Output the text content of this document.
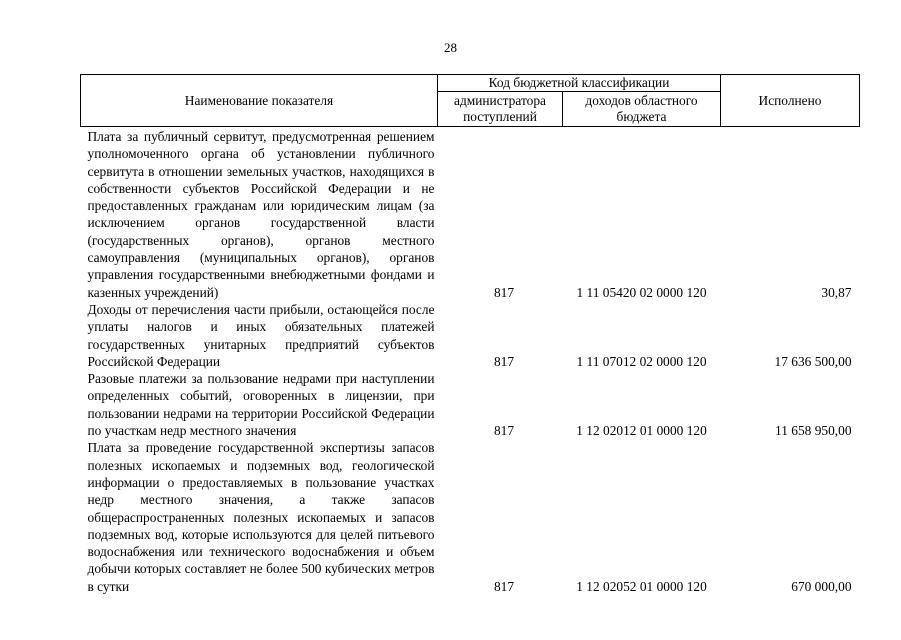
28
Наименование показателя	Код бюджетной классификации		Исполнено
	администратора поступлений	доходов областного бюджета	
Плата за публичный сервитут, предусмотренная решением уполномоченного органа об установлении публичного сервитута в отношении земельных участков, находящихся в собственности субъектов Российской Федерации и не предоставленных гражданам или юридическим лицам (за исключением органов государственной власти (государственных органов), органов местного самоуправления (муниципальных органов), органов управления государственными внебюджетными фондами и казенных учреждений)	817	1 11 05420 02 0000 120	30,87
Доходы от перечисления части прибыли, остающейся после уплаты налогов и иных обязательных платежей государственных унитарных предприятий субъектов Российской Федерации	817	1 11 07012 02 0000 120	17 636 500,00
Разовые платежи за пользование недрами при наступлении определенных событий, оговоренных в лицензии, при пользовании недрами на территории Российской Федерации по участкам недр местного значения	817	1 12 02012 01 0000 120	11 658 950,00
Плата за проведение государственной экспертизы запасов полезных ископаемых и подземных вод, геологической информации о предоставляемых в пользование участках недр местного значения, а также запасов общераспространенных полезных ископаемых и запасов подземных вод, которые используются для целей питьевого водоснабжения или технического водоснабжения и объем добычи которых составляет не более 500 кубических метров в сутки	817	1 12 02052 01 0000 120	670 000,00
